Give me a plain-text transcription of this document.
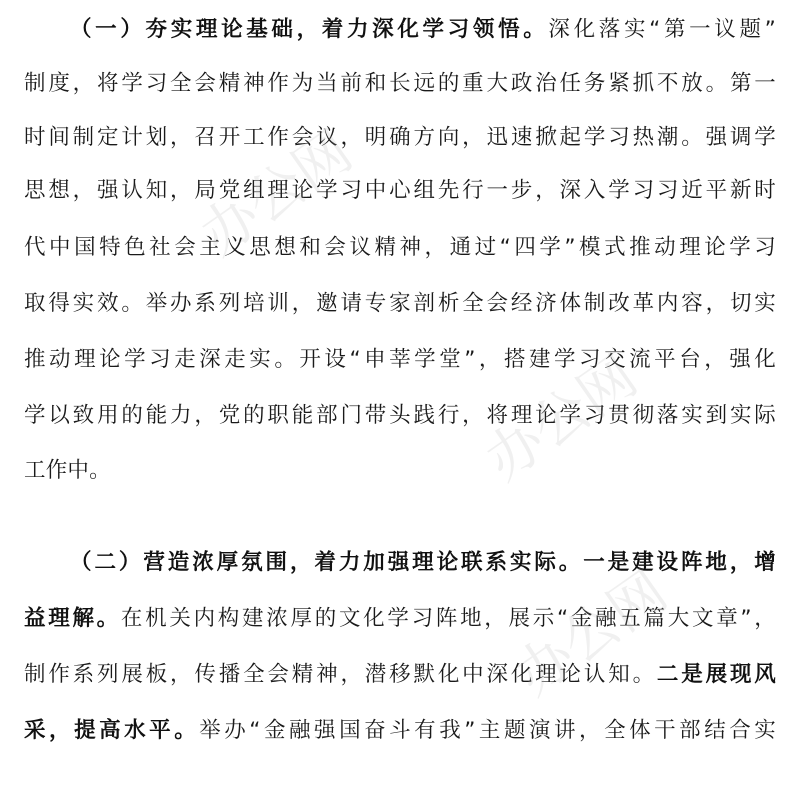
（一）夯实理论基础，着力深化学习领悟。深化落实“第一议题”
制度，将学习全会精神作为当前和长远的重大政治任务紧抓不放。第一
时间制定计划，召开工作会议，明确方向，迅速掀起学习热潮。强调学
思想，强认知，局党组理论学习中心组先行一步，深入学习习近平新时
代中国特色社会主义思想和会议精神，通过“四学”模式推动理论学习
取得实效。举办系列培训，邀请专家剖析全会经济体制改革内容，切实
推动理论学习走深走实。开设“申莘学堂”，搭建学习交流平台，强化
学以致用的能力，党的职能部门带头践行，将理论学习贯彻落实到实际
工作中。
（二）营造浓厚氛围，着力加强理论联系实际。一是建设阵地，增
益理解。在机关内构建浓厚的文化学习阵地，展示“金融五篇大文章”，
制作系列展板，传播全会精神，潜移默化中深化理论认知。二是展现风
采，提高水平。举办“金融强国奋斗有我”主题演讲，全体干部结合实
办公网
办公网
办公网
